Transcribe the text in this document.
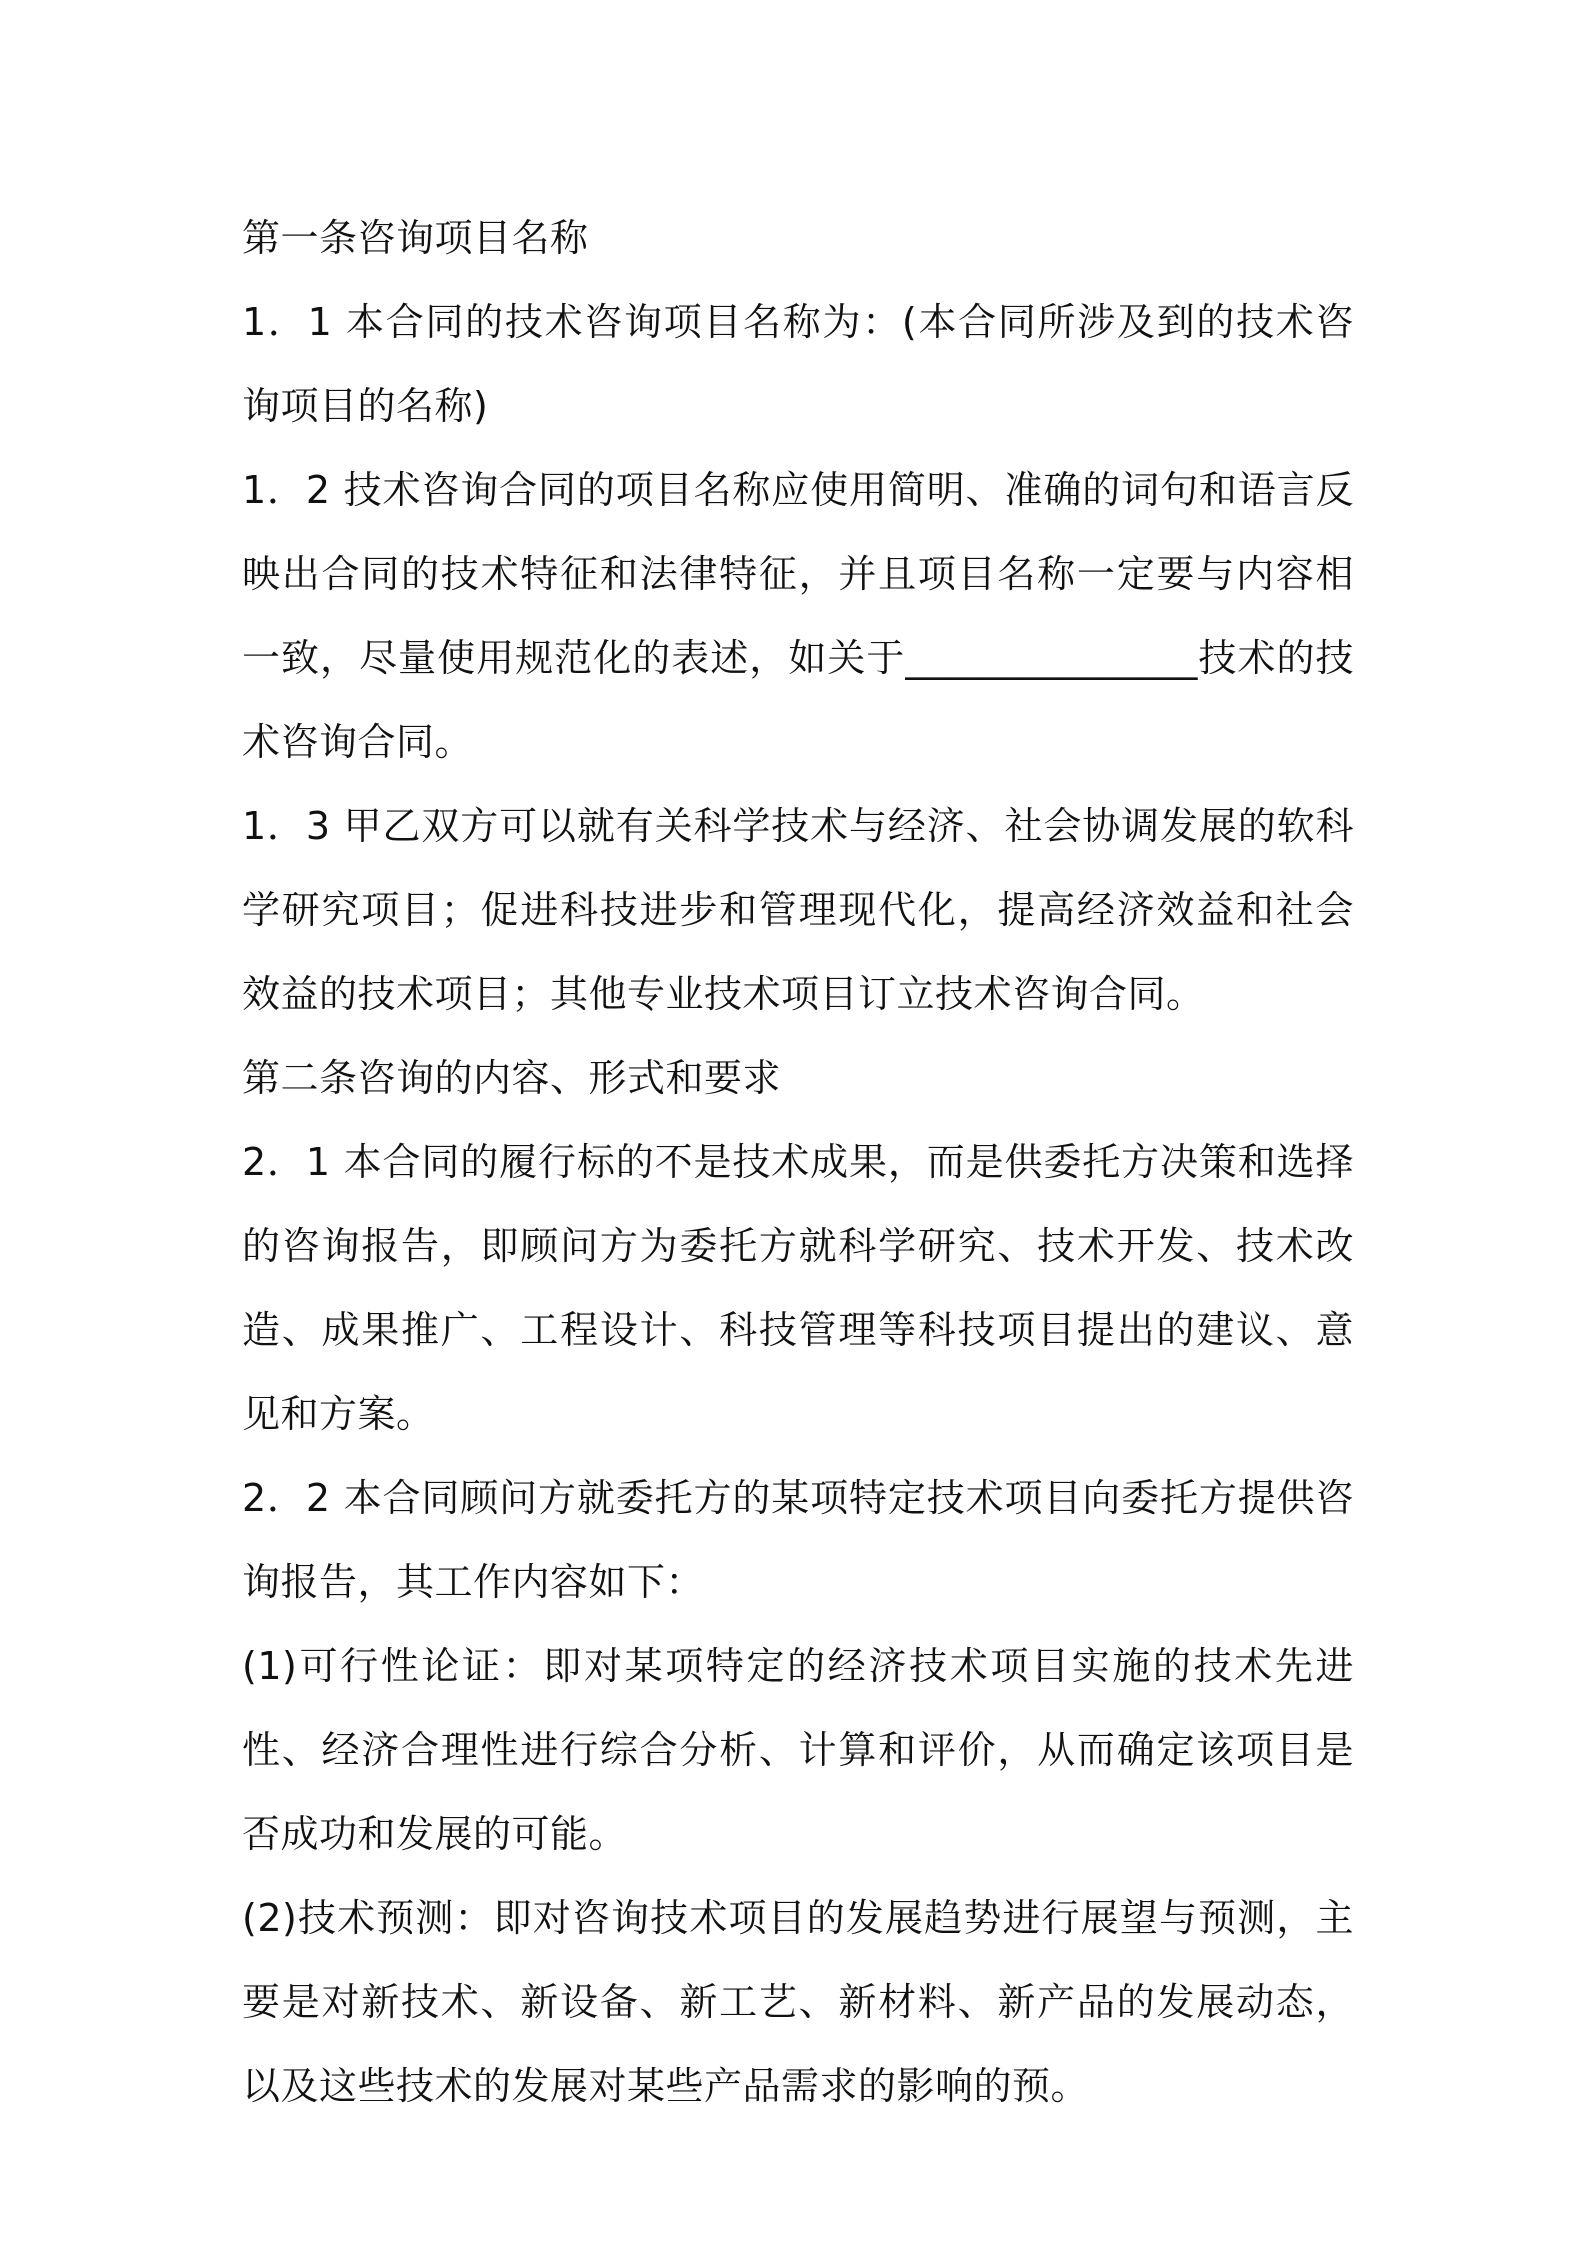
第一条咨询项目名称

1．1 本合同的技术咨询项目名称为：(本合同所涉及到的技术咨询项目的名称)

1．2 技术咨询合同的项目名称应使用简明、准确的词句和语言反映出合同的技术特征和法律特征，并且项目名称一定要与内容相一致，尽量使用规范化的表述，如关于_______________技术的技术咨询合同。

1．3 甲乙双方可以就有关科学技术与经济、社会协调发展的软科学研究项目；促进科技进步和管理现代化，提高经济效益和社会效益的技术项目；其他专业技术项目订立技术咨询合同。

第二条咨询的内容、形式和要求

2．1 本合同的履行标的不是技术成果，而是供委托方决策和选择的咨询报告，即顾问方为委托方就科学研究、技术开发、技术改造、成果推广、工程设计、科技管理等科技项目提出的建议、意见和方案。

2．2 本合同顾问方就委托方的某项特定技术项目向委托方提供咨询报告，其工作内容如下：

(1)可行性论证：即对某项特定的经济技术项目实施的技术先进性、经济合理性进行综合分析、计算和评价，从而确定该项目是否成功和发展的可能。

(2)技术预测：即对咨询技术项目的发展趋势进行展望与预测，主要是对新技术、新设备、新工艺、新材料、新产品的发展动态，以及这些技术的发展对某些产品需求的影响的预。
